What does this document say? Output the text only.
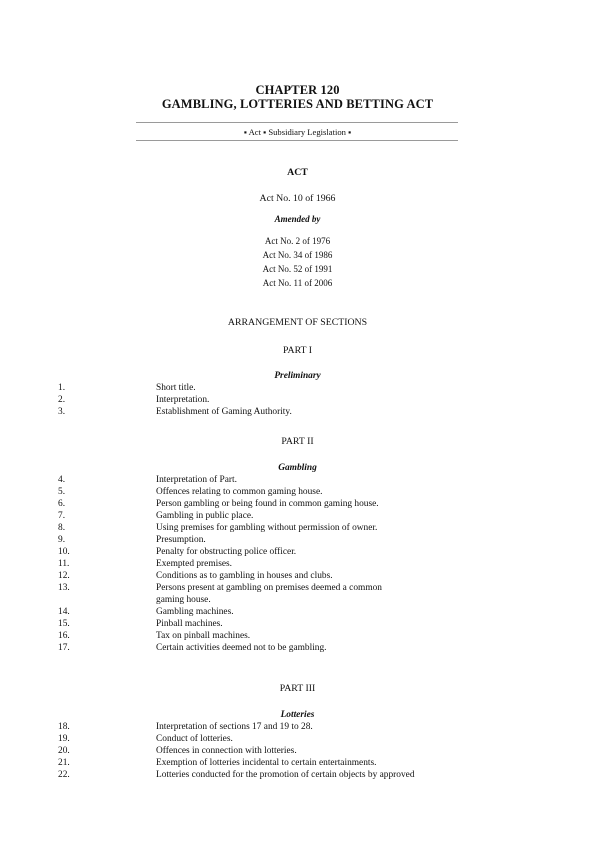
CHAPTER 120
GAMBLING, LOTTERIES AND BETTING ACT
▪ Act ▪ Subsidiary Legislation ▪
ACT
Act No. 10 of 1966
Amended by
Act No. 2 of 1976
Act No. 34 of 1986
Act No. 52 of 1991
Act No. 11 of 2006
ARRANGEMENT OF SECTIONS
PART I
Preliminary
1.	Short title.
2.	Interpretation.
3.	Establishment of Gaming Authority.
PART II
Gambling
4.	Interpretation of Part.
5.	Offences relating to common gaming house.
6.	Person gambling or being found in common gaming house.
7.	Gambling in public place.
8.	Using premises for gambling without permission of owner.
9.	Presumption.
10.	Penalty for obstructing police officer.
11.	Exempted premises.
12.	Conditions as to gambling in houses and clubs.
13.	Persons present at gambling on premises deemed a common
gaming house.
14.	Gambling machines.
15.	Pinball machines.
16.	Tax on pinball machines.
17.	Certain activities deemed not to be gambling.
PART III
Lotteries
18.	Interpretation of sections 17 and 19 to 28.
19.	Conduct of lotteries.
20.	Offences in connection with lotteries.
21.	Exemption of lotteries incidental to certain entertainments.
22.	Lotteries conducted for the promotion of certain objects by approved
